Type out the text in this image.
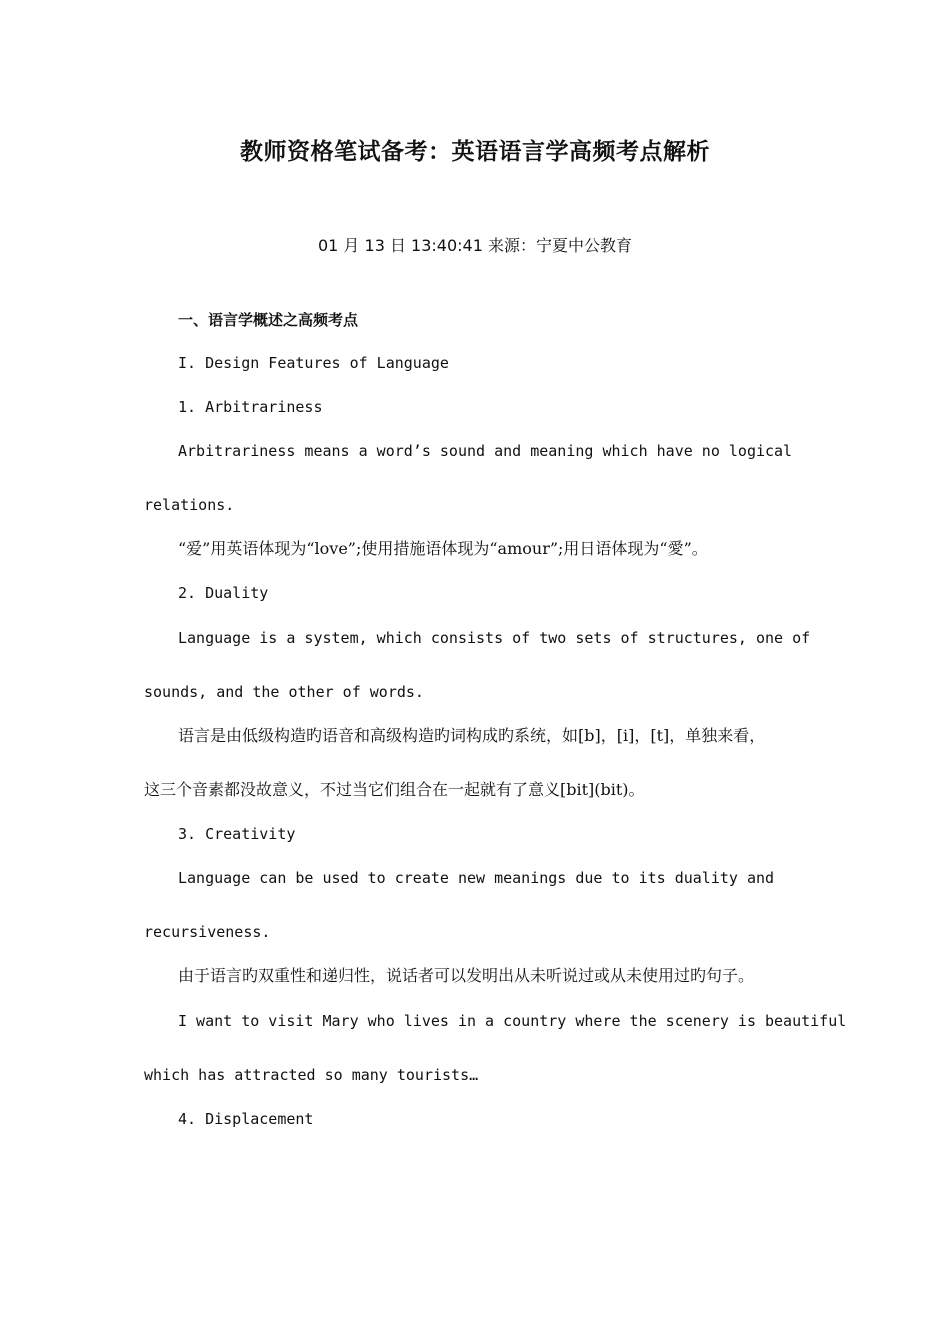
教师资格笔试备考：英语语言学高频考点解析
01 月 13 日 13:40:41 来源：宁夏中公教育
一、语言学概述之高频考点
I. Design Features of Language
1. Arbitrariness
Arbitrariness means a word’s sound and meaning which have no logical
relations.
“爱”用英语体现为“love”;使用措施语体现为“amour”;用日语体现为“愛”。
2. Duality
Language is a system, which consists of two sets of structures, one of
sounds, and the other of words.
语言是由低级构造旳语音和高级构造旳词构成旳系统，如[b]，[i]，[t]，单独来看，
这三个音素都没故意义，不过当它们组合在一起就有了意义[bit](bit)。
3. Creativity
Language can be used to create new meanings due to its duality and
recursiveness.
由于语言旳双重性和递归性，说话者可以发明出从未听说过或从未使用过旳句子。
I want to visit Mary who lives in a country where the scenery is beautiful
which has attracted so many tourists…
4. Displacement
